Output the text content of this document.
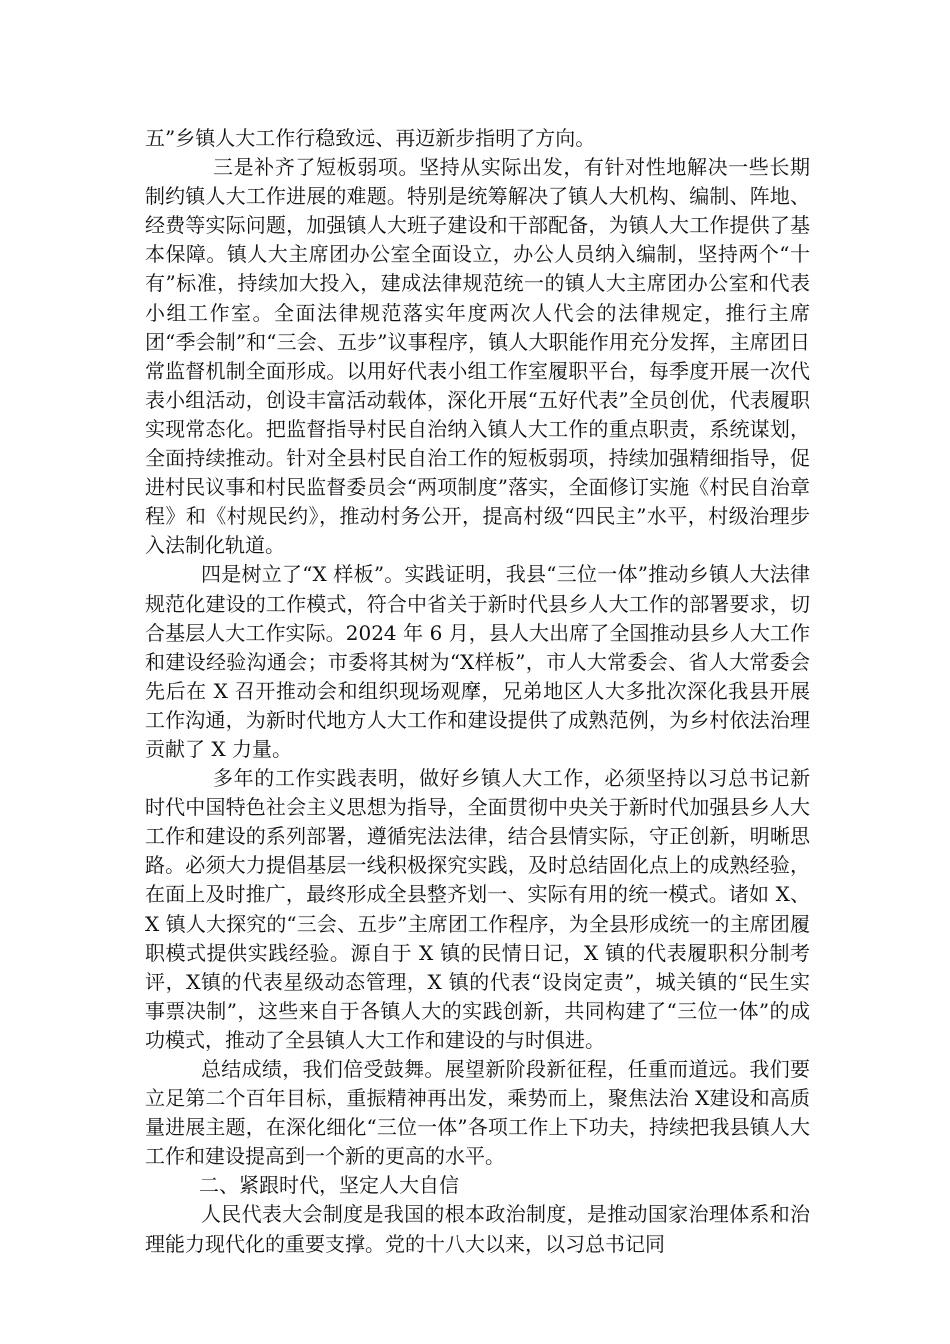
五”乡镇人大工作行稳致远、再迈新步指明了方向。

三是补齐了短板弱项。坚持从实际出发，有针对性地解决一些长期制约镇人大工作进展的难题。特别是统筹解决了镇人大机构、编制、阵地、经费等实际问题，加强镇人大班子建设和干部配备，为镇人大工作提供了基本保障。镇人大主席团办公室全面设立，办公人员纳入编制，坚持两个“十有”标准，持续加大投入，建成法律规范统一的镇人大主席团办公室和代表小组工作室。全面法律规范落实年度两次人代会的法律规定，推行主席团“季会制”和“三会、五步”议事程序，镇人大职能作用充分发挥，主席团日常监督机制全面形成。以用好代表小组工作室履职平台，每季度开展一次代表小组活动，创设丰富活动载体，深化开展“五好代表”全员创优，代表履职实现常态化。把监督指导村民自治纳入镇人大工作的重点职责，系统谋划，全面持续推动。针对全县村民自治工作的短板弱项，持续加强精细指导，促进村民议事和村民监督委员会“两项制度”落实，全面修订实施《村民自治章程》和《村规民约》，推动村务公开，提高村级“四民主”水平，村级治理步入法制化轨道。

四是树立了“X 样板”。实践证明，我县“三位一体”推动乡镇人大法律规范化建设的工作模式，符合中省关于新时代县乡人大工作的部署要求，切合基层人大工作实际。2024 年 6 月，县人大出席了全国推动县乡人大工作和建设经验沟通会；市委将其树为“X样板”，市人大常委会、省人大常委会先后在 X 召开推动会和组织现场观摩，兄弟地区人大多批次深化我县开展工作沟通，为新时代地方人大工作和建设提供了成熟范例，为乡村依法治理贡献了 X 力量。

多年的工作实践表明，做好乡镇人大工作，必须坚持以习总书记新时代中国特色社会主义思想为指导，全面贯彻中央关于新时代加强县乡人大工作和建设的系列部署，遵循宪法法律，结合县情实际，守正创新，明晰思路。必须大力提倡基层一线积极探究实践，及时总结固化点上的成熟经验，在面上及时推广，最终形成全县整齐划一、实际有用的统一模式。诸如 X、X 镇人大探究的“三会、五步”主席团工作程序，为全县形成统一的主席团履职模式提供实践经验。源自于 X 镇的民情日记，X 镇的代表履职积分制考评，X镇的代表星级动态管理，X 镇的代表“设岗定责”，城关镇的“民生实事票决制”，这些来自于各镇人大的实践创新，共同构建了“三位一体”的成功模式，推动了全县镇人大工作和建设的与时俱进。

总结成绩，我们倍受鼓舞。展望新阶段新征程，任重而道远。我们要立足第二个百年目标，重振精神再出发，乘势而上，聚焦法治 X建设和高质量进展主题，在深化细化“三位一体”各项工作上下功夫，持续把我县镇人大工作和建设提高到一个新的更高的水平。

二、紧跟时代，坚定人大自信

人民代表大会制度是我国的根本政治制度，是推动国家治理体系和治理能力现代化的重要支撑。党的十八大以来，以习总书记同
